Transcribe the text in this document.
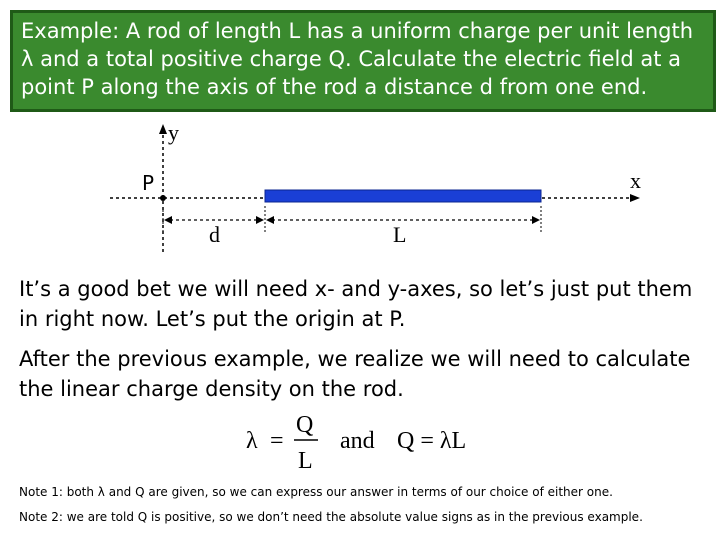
Example: A rod of length L has a uniform charge per unit length
λ and a total positive charge Q. Calculate the electric field at a
point P along the axis of the rod a distance d from one end.
y
x
P
d	L
It’s a good bet we will need x- and y-axes, so let’s just put them
in right now. Let’s put the origin at P.
After the previous example, we realize we will need to calculate
the linear charge density on the rod.
λ =
Q
L
and Q = λL
Note 1: both λ and Q are given, so we can express our answer in terms of our choice of either one.
Note 2: we are told Q is positive, so we don’t need the absolute value signs as in the previous example.
